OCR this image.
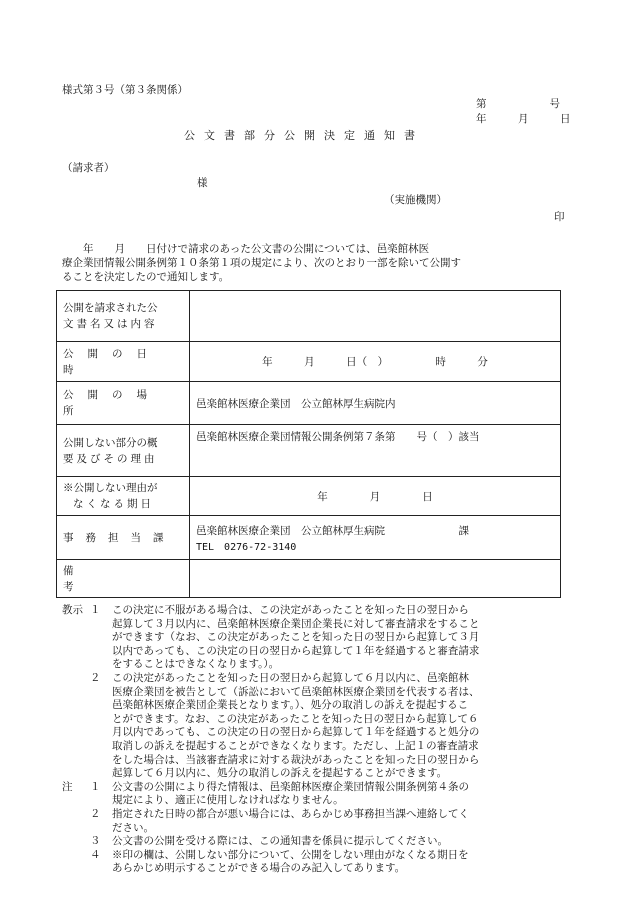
様式第３号（第３条関係）
第　　　　　　号
年　　　月　　　日
公文書部分公開決定通知書
（請求者）
様
（実施機関）
印
　　年　　月　　日付けで請求のあった公文書の公開については、邑楽館林医
療企業団情報公開条例第１０条第１項の規定により、次のとおり一部を除いて公開す
ることを決定したので通知します。
公開を請求された公
文書名又は内容	

公開の日時	年　　　月　　　日（　）　　　　　時　　　分

公開の場所	邑楽館林医療企業団　公立館林厚生病院内

公開しない部分の概
要及びその理由	邑楽館林医療企業団情報公開条例第７条第　　号（　）該当

※公開しない理由が
なくなる期日	年　　　　月　　　　日

事務担当課	邑楽館林医療企業団　公立館林厚生病院　　　　　　　課
TEL　0276-72-3140

備考	

教示 １	この決定に不服がある場合は、この決定があったことを知った日の翌日から
起算して３月以内に、邑楽館林医療企業団企業長に対して審査請求をすること
ができます（なお、この決定があったことを知った日の翌日から起算して３月
以内であっても、この決定の日の翌日から起算して１年を経過すると審査請求
をすることはできなくなります。）。
２	この決定があったことを知った日の翌日から起算して６月以内に、邑楽館林
医療企業団を被告として（訴訟において邑楽館林医療企業団を代表する者は、
邑楽館林医療企業団企業長となります。）、処分の取消しの訴えを提起するこ
とができます。なお、この決定があったことを知った日の翌日から起算して６
月以内であっても、この決定の日の翌日から起算して１年を経過すると処分の
取消しの訴えを提起することができなくなります。ただし、上記１の審査請求
をした場合は、当該審査請求に対する裁決があったことを知った日の翌日から
起算して６月以内に、処分の取消しの訴えを提起することができます。
注	１	公文書の公開により得た情報は、邑楽館林医療企業団情報公開条例第４条の
規定により、適正に使用しなければなりません。
２	指定された日時の都合が悪い場合には、あらかじめ事務担当課へ連絡してく
ださい。
３	公文書の公開を受ける際には、この通知書を係員に提示してください。
４	※印の欄は、公開しない部分について、公開をしない理由がなくなる期日を
あらかじめ明示することができる場合のみ記入してあります。
